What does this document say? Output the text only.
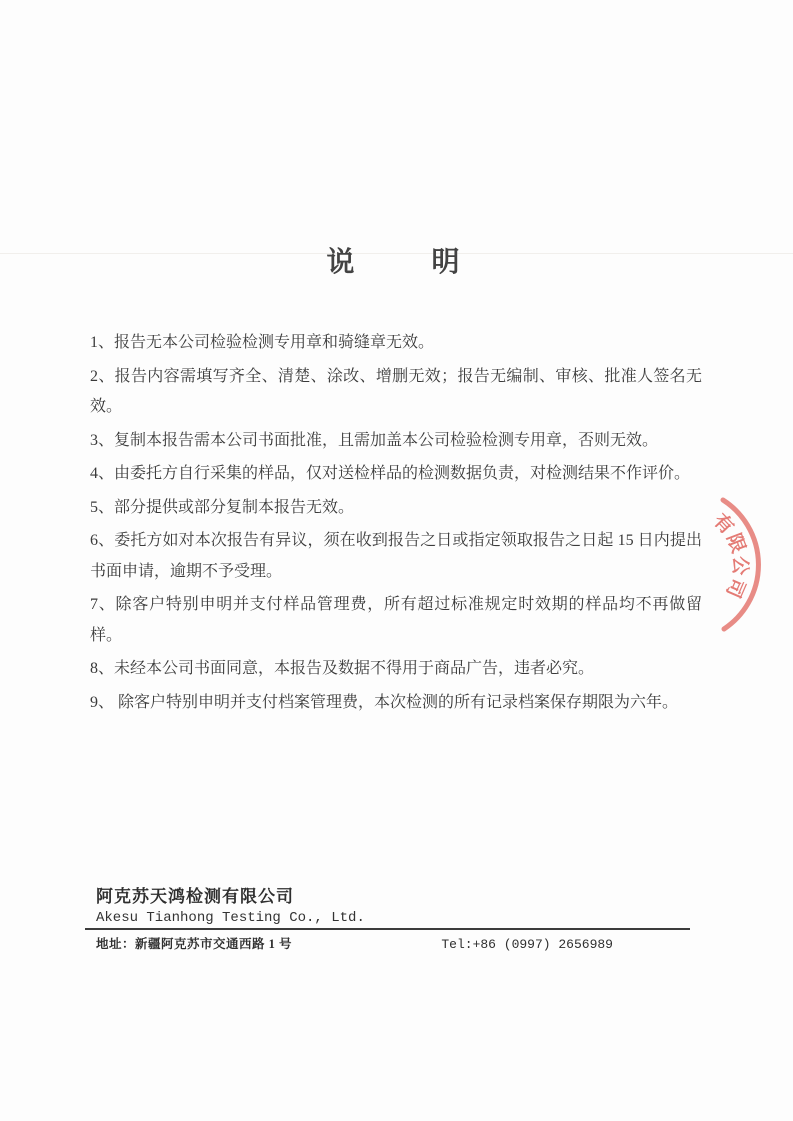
说　　明

1、报告无本公司检验检测专用章和骑缝章无效。

2、报告内容需填写齐全、清楚、涂改、增删无效；报告无编制、审核、批准人签名无效。

3、复制本报告需本公司书面批准，且需加盖本公司检验检测专用章，否则无效。

4、由委托方自行采集的样品，仅对送检样品的检测数据负责，对检测结果不作评价。

5、部分提供或部分复制本报告无效。

6、委托方如对本次报告有异议，须在收到报告之日或指定领取报告之日起 15 日内提出书面申请，逾期不予受理。

7、除客户特别申明并支付样品管理费，所有超过标准规定时效期的样品均不再做留样。

8、未经本公司书面同意，本报告及数据不得用于商品广告，违者必究。

9、 除客户特别申明并支付档案管理费，本次检测的所有记录档案保存期限为六年。

有限公司
阿克苏天鸿检测有限公司
Akesu Tianhong Testing Co., Ltd.
地址：新疆阿克苏市交通西路 1 号	Tel:+86 (0997) 2656989
